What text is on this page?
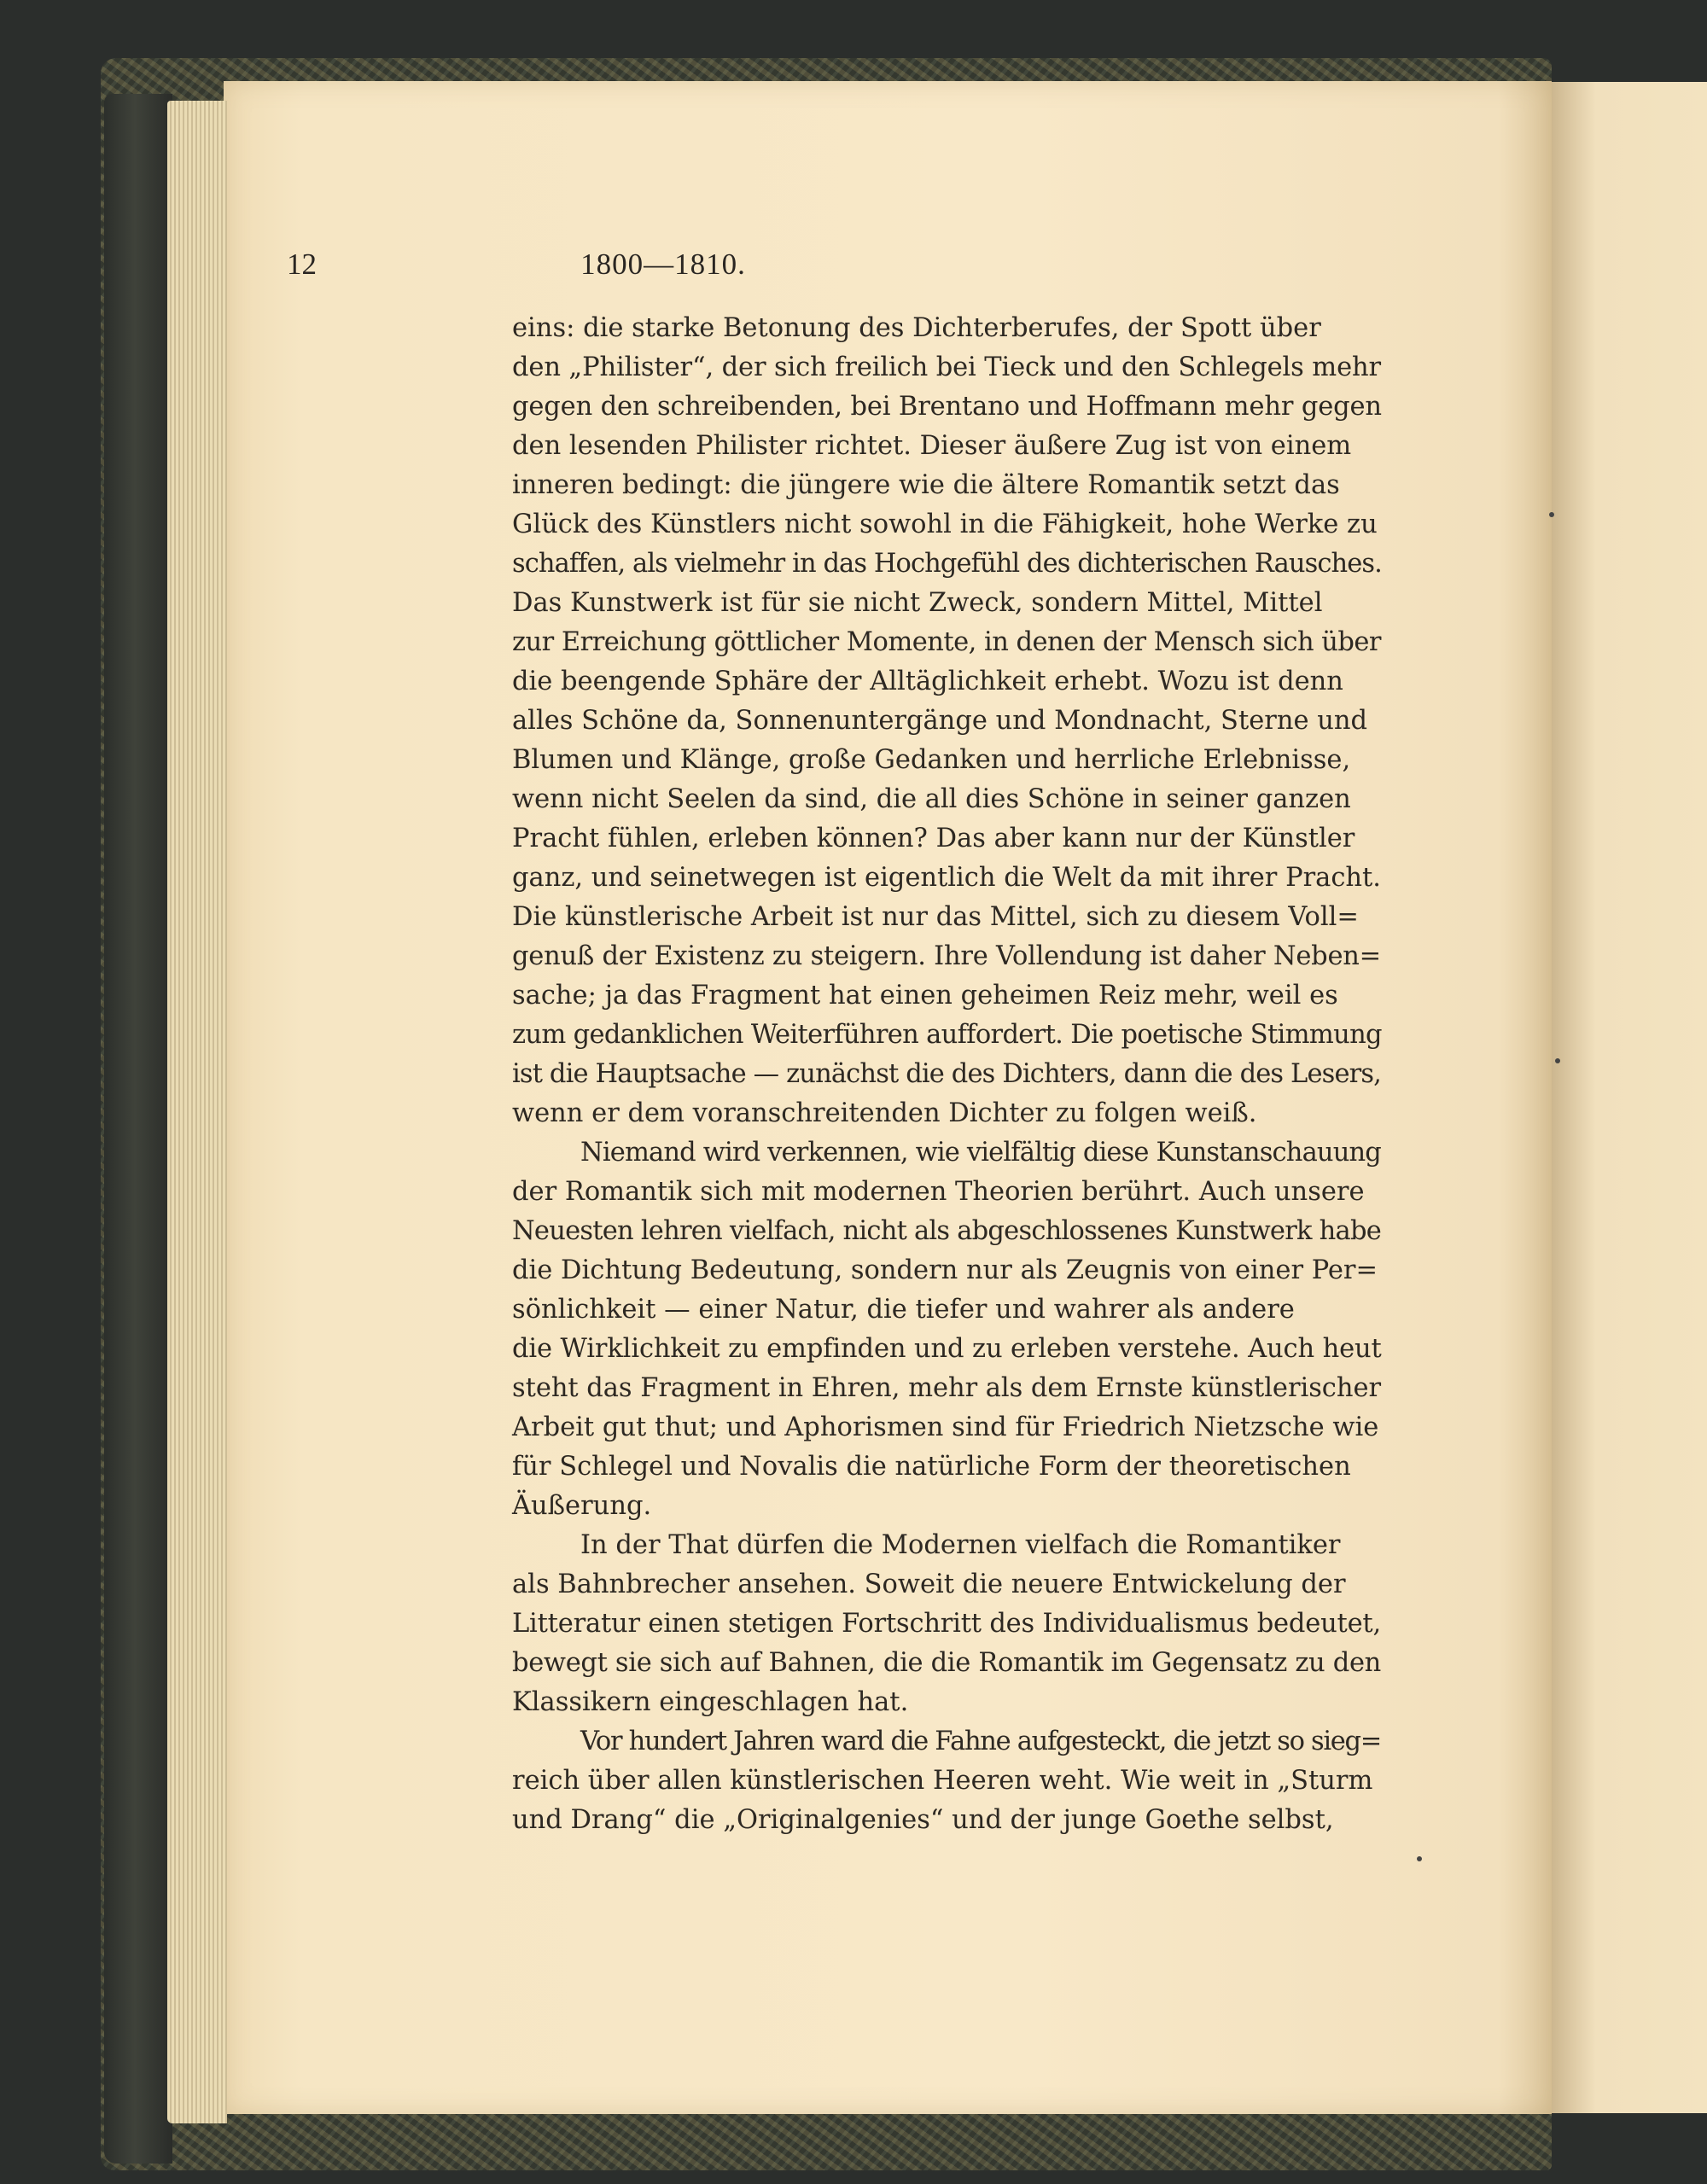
12	1800—1810.
eins: die starke Betonung des Dichterberufes, der Spott über
den „Philister“, der sich freilich bei Tieck und den Schlegels mehr
gegen den schreibenden, bei Brentano und Hoffmann mehr gegen
den lesenden Philister richtet. Dieser äußere Zug ist von einem
inneren bedingt: die jüngere wie die ältere Romantik setzt das
Glück des Künstlers nicht sowohl in die Fähigkeit, hohe Werke zu
schaffen, als vielmehr in das Hochgefühl des dichterischen Rausches.
Das Kunstwerk ist für sie nicht Zweck, sondern Mittel, Mittel
zur Erreichung göttlicher Momente, in denen der Mensch sich über
die beengende Sphäre der Alltäglichkeit erhebt. Wozu ist denn
alles Schöne da, Sonnenuntergänge und Mondnacht, Sterne und
Blumen und Klänge, große Gedanken und herrliche Erlebnisse,
wenn nicht Seelen da sind, die all dies Schöne in seiner ganzen
Pracht fühlen, erleben können? Das aber kann nur der Künstler
ganz, und seinetwegen ist eigentlich die Welt da mit ihrer Pracht.
Die künstlerische Arbeit ist nur das Mittel, sich zu diesem Voll=
genuß der Existenz zu steigern. Ihre Vollendung ist daher Neben=
sache; ja das Fragment hat einen geheimen Reiz mehr, weil es
zum gedanklichen Weiterführen auffordert. Die poetische Stimmung
ist die Hauptsache — zunächst die des Dichters, dann die des Lesers,
wenn er dem voranschreitenden Dichter zu folgen weiß.
Niemand wird verkennen, wie vielfältig diese Kunstanschauung
der Romantik sich mit modernen Theorien berührt. Auch unsere
Neuesten lehren vielfach, nicht als abgeschlossenes Kunstwerk habe
die Dichtung Bedeutung, sondern nur als Zeugnis von einer Per=
sönlichkeit — einer Natur, die tiefer und wahrer als andere
die Wirklichkeit zu empfinden und zu erleben verstehe. Auch heut
steht das Fragment in Ehren, mehr als dem Ernste künstlerischer
Arbeit gut thut; und Aphorismen sind für Friedrich Nietzsche wie
für Schlegel und Novalis die natürliche Form der theoretischen
Äußerung.
In der That dürfen die Modernen vielfach die Romantiker
als Bahnbrecher ansehen. Soweit die neuere Entwickelung der
Litteratur einen stetigen Fortschritt des Individualismus bedeutet,
bewegt sie sich auf Bahnen, die die Romantik im Gegensatz zu den
Klassikern eingeschlagen hat.
Vor hundert Jahren ward die Fahne aufgesteckt, die jetzt so sieg=
reich über allen künstlerischen Heeren weht. Wie weit in „Sturm
und Drang“ die „Originalgenies“ und der junge Goethe selbst,
